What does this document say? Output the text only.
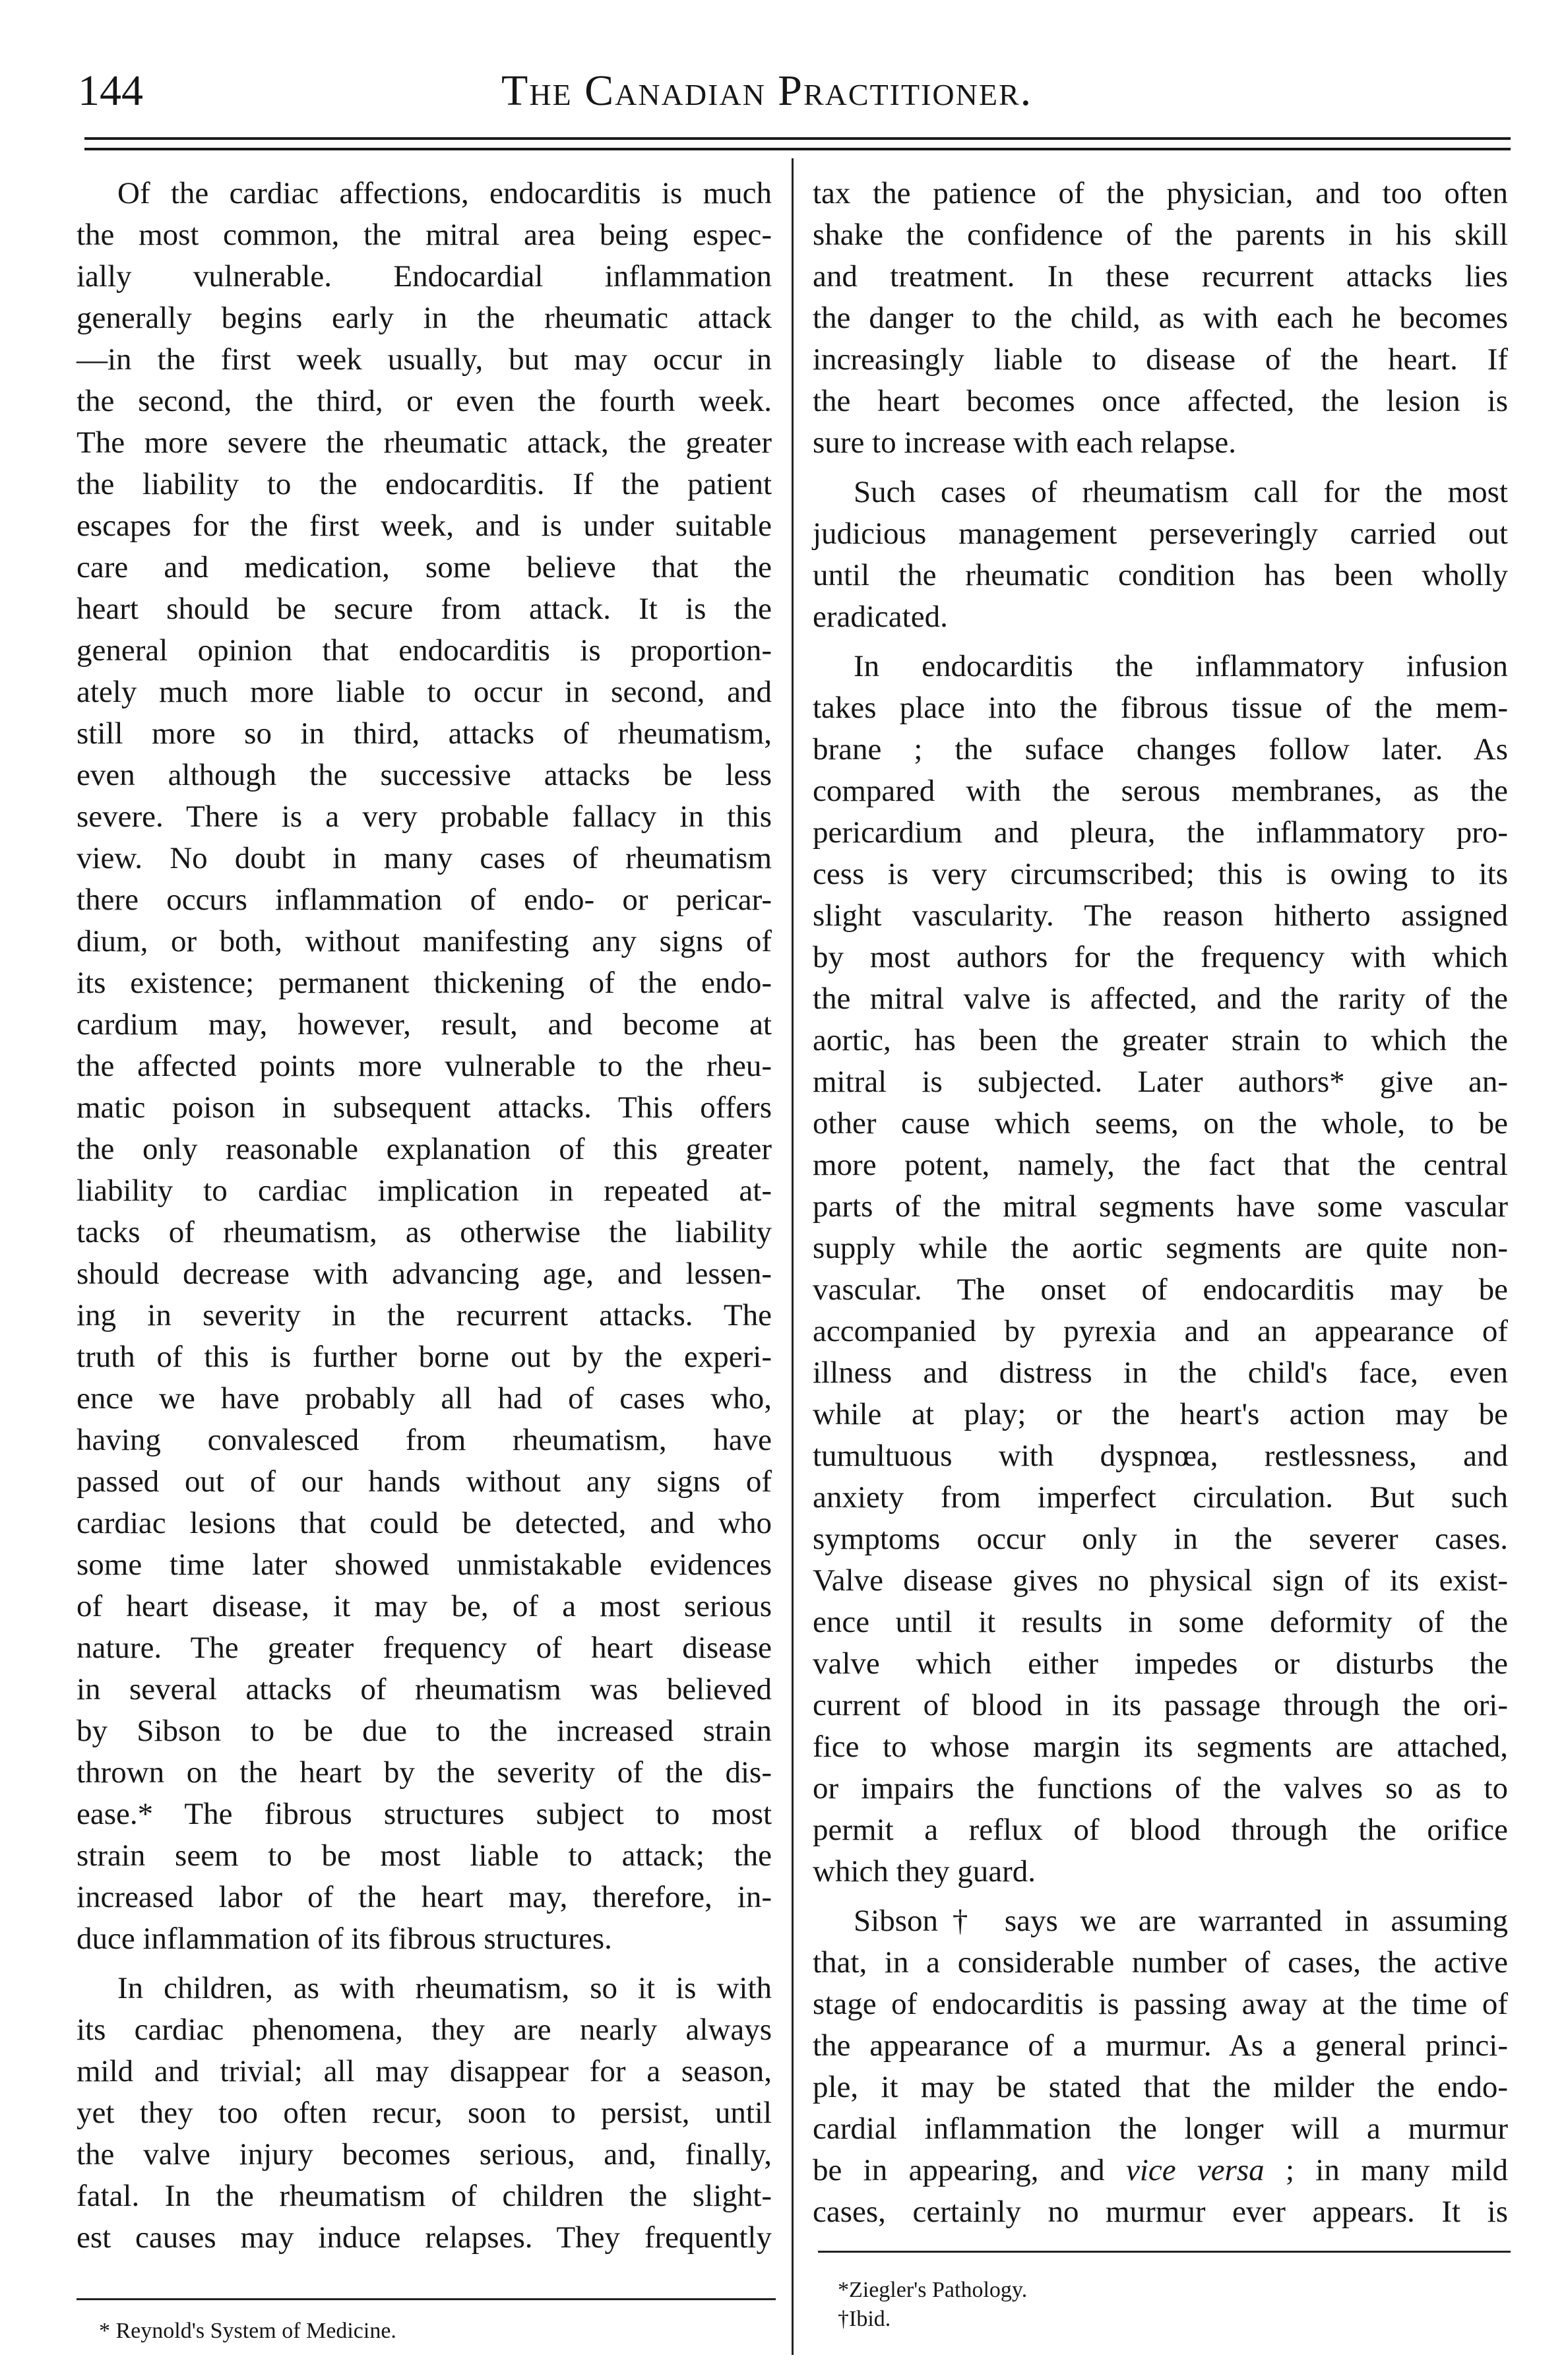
144	The Canadian Practitioner.
Of the cardiac affections, endocarditis is much
the most common, the mitral area being espec-
ially vulnerable. Endocardial inflammation
generally begins early in the rheumatic attack
—in the first week usually, but may occur in
the second, the third, or even the fourth week.
The more severe the rheumatic attack, the greater
the liability to the endocarditis. If the patient
escapes for the first week, and is under suitable
care and medication, some believe that the
heart should be secure from attack. It is the
general opinion that endocarditis is proportion-
ately much more liable to occur in second, and
still more so in third, attacks of rheumatism,
even although the successive attacks be less
severe. There is a very probable fallacy in this
view. No doubt in many cases of rheumatism
there occurs inflammation of endo- or pericar-
dium, or both, without manifesting any signs of
its existence; permanent thickening of the endo-
cardium may, however, result, and become at
the affected points more vulnerable to the rheu-
matic poison in subsequent attacks. This offers
the only reasonable explanation of this greater
liability to cardiac implication in repeated at-
tacks of rheumatism, as otherwise the liability
should decrease with advancing age, and lessen-
ing in severity in the recurrent attacks. The
truth of this is further borne out by the experi-
ence we have probably all had of cases who,
having convalesced from rheumatism, have
passed out of our hands without any signs of
cardiac lesions that could be detected, and who
some time later showed unmistakable evidences
of heart disease, it may be, of a most serious
nature. The greater frequency of heart disease
in several attacks of rheumatism was believed
by Sibson to be due to the increased strain
thrown on the heart by the severity of the dis-
ease.* The fibrous structures subject to most
strain seem to be most liable to attack; the
increased labor of the heart may, therefore, in-
duce inflammation of its fibrous structures.
In children, as with rheumatism, so it is with
its cardiac phenomena, they are nearly always
mild and trivial; all may disappear for a season,
yet they too often recur, soon to persist, until
the valve injury becomes serious, and, finally,
fatal. In the rheumatism of children the slight-
est causes may induce relapses. They frequently
tax the patience of the physician, and too often
shake the confidence of the parents in his skill
and treatment. In these recurrent attacks lies
the danger to the child, as with each he becomes
increasingly liable to disease of the heart. If
the heart becomes once affected, the lesion is
sure to increase with each relapse.
Such cases of rheumatism call for the most
judicious management perseveringly carried out
until the rheumatic condition has been wholly
eradicated.
In endocarditis the inflammatory infusion
takes place into the fibrous tissue of the mem-
brane ; the suface changes follow later. As
compared with the serous membranes, as the
pericardium and pleura, the inflammatory pro-
cess is very circumscribed; this is owing to its
slight vascularity. The reason hitherto assigned
by most authors for the frequency with which
the mitral valve is affected, and the rarity of the
aortic, has been the greater strain to which the
mitral is subjected. Later authors* give an-
other cause which seems, on the whole, to be
more potent, namely, the fact that the central
parts of the mitral segments have some vascular
supply while the aortic segments are quite non-
vascular. The onset of endocarditis may be
accompanied by pyrexia and an appearance of
illness and distress in the child's face, even
while at play; or the heart's action may be
tumultuous with dyspnœa, restlessness, and
anxiety from imperfect circulation. But such
symptoms occur only in the severer cases.
Valve disease gives no physical sign of its exist-
ence until it results in some deformity of the
valve which either impedes or disturbs the
current of blood in its passage through the ori-
fice to whose margin its segments are attached,
or impairs the functions of the valves so as to
permit a reflux of blood through the orifice
which they guard.
Sibson† says we are warranted in assuming
that, in a considerable number of cases, the active
stage of endocarditis is passing away at the time of
the appearance of a murmur. As a general princi-
ple, it may be stated that the milder the endo-
cardial inflammation the longer will a murmur
be in appearing, and vice versa ; in many mild
cases, certainly no murmur ever appears. It is
* Reynold's System of Medicine.
*Ziegler's Pathology.
†Ibid.
